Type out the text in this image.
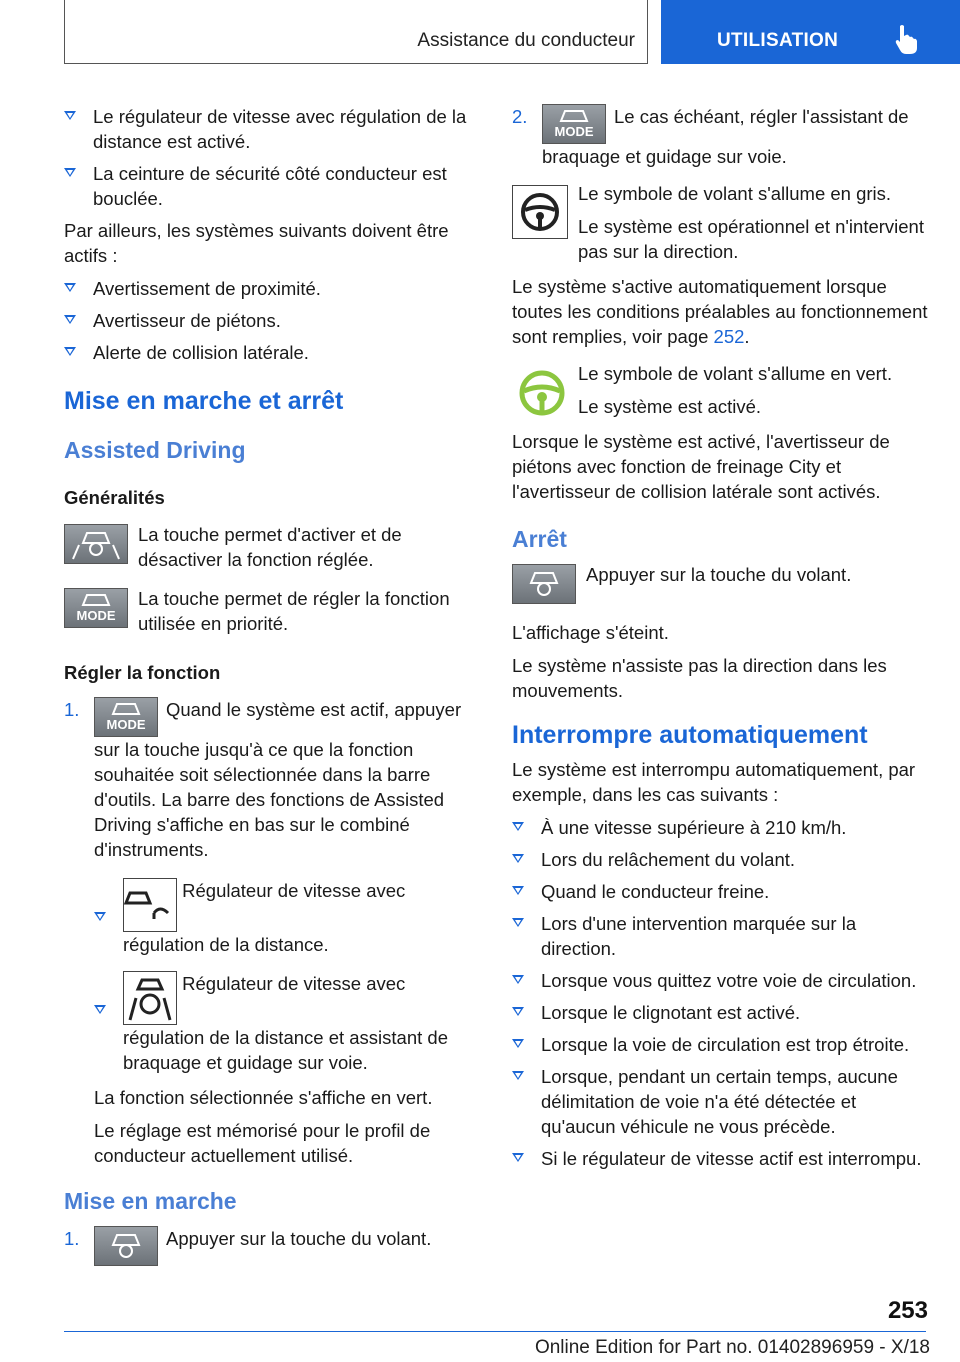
Assistance du conducteur	UTILISATION
Le régulateur de vitesse avec régulation de la distance est activé.
La ceinture de sécurité côté conducteur est bouclée.

Par ailleurs, les systèmes suivants doivent être actifs :

Avertissement de proximité.
Avertisseur de piétons.
Alerte de collision latérale.
Mise en marche et arrêt
Assisted Driving
Généralités
La touche permet d'activer et de désactiver la fonction réglée.
MODE
La touche permet de régler la fonction utilisée en priorité.
Régler la fonction
1.
MODE
Quand le système est actif, appuyer sur la touche jusqu'à ce que la fonction souhaitée soit sélectionnée dans la barre d'outils. La barre des fonctions de Assisted Driving s'affiche en bas sur le combiné d'instruments.
Régulateur de vitesse avec régulation de la distance.
Régulateur de vitesse avec régulation de la distance et assistant de braquage et guidage sur voie.

La fonction sélectionnée s'affiche en vert.

Le réglage est mémorisé pour le profil de conducteur actuellement utilisé.

Mise en marche
1.	Appuyer sur la touche du volant.
2.
MODE
Le cas échéant, régler l'assistant de braquage et guidage sur voie.

Le symbole de volant s'allume en gris.

Le système est opérationnel et n'intervient pas sur la direction.

Le système s'active automatiquement lorsque toutes les conditions préalables au fonctionnement sont remplies, voir page 252.

Le symbole de volant s'allume en vert.

Le système est activé.

Lorsque le système est activé, l'avertisseur de piétons avec fonction de freinage City et l'avertisseur de collision latérale sont activés.

Arrêt
Appuyer sur la touche du volant.

L'affichage s'éteint.

Le système n'assiste pas la direction dans les mouvements.

Interrompre automatiquement

Le système est interrompu automatiquement, par exemple, dans les cas suivants :

À une vitesse supérieure à 210 km/h.
Lors du relâchement du volant.
Quand le conducteur freine.
Lors d'une intervention marquée sur la direction.
Lorsque vous quittez votre voie de circulation.
Lorsque le clignotant est activé.
Lorsque la voie de circulation est trop étroite.
Lorsque, pendant un certain temps, aucune délimitation de voie n'a été détectée et qu'aucun véhicule ne vous précède.
Si le régulateur de vitesse actif est interrompu.
253
Online Edition for Part no. 01402896959 - X/18
